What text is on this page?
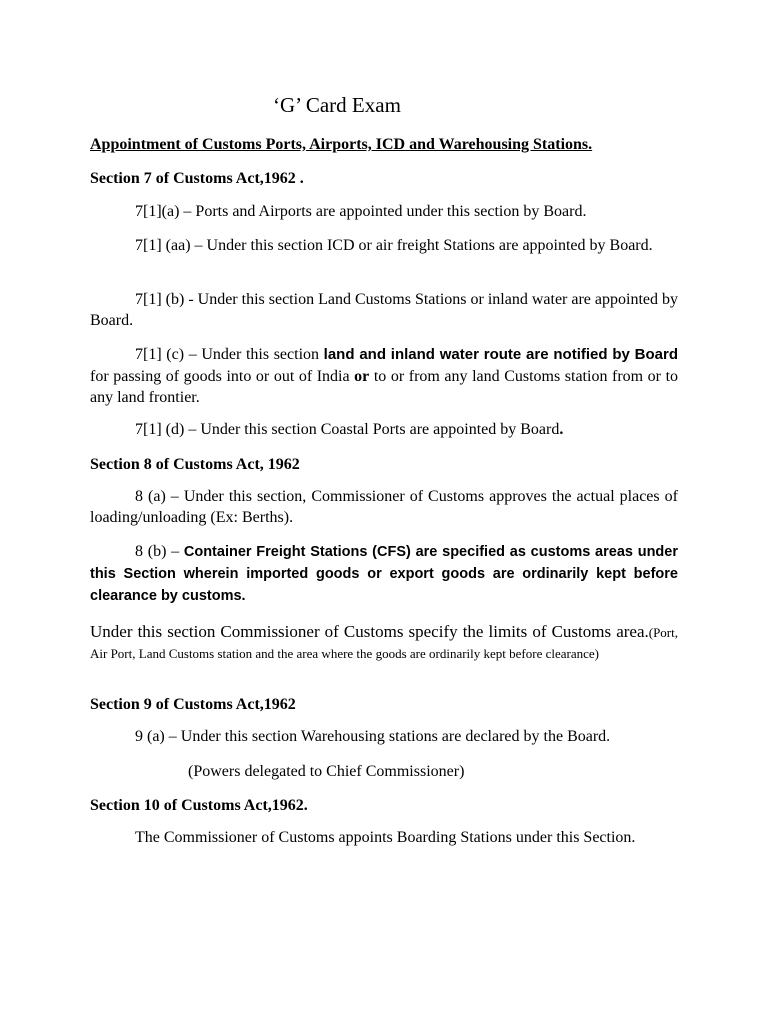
‘G’ Card Exam

Appointment of Customs Ports, Airports, ICD and Warehousing Stations.

Section 7 of Customs Act,1962 .

7[1](a) – Ports and Airports are appointed under this section by Board.

7[1] (aa) – Under this section ICD or air freight Stations are appointed by Board.

7[1] (b) - Under this section Land Customs Stations or inland water are appointed by Board.

7[1] (c) – Under this section land and inland water route are notified by Board for passing of goods into or out of India or to or from any land Customs station from or to any land frontier.

7[1] (d) – Under this section Coastal Ports are appointed by Board.

Section 8 of Customs Act, 1962

8 (a) – Under this section, Commissioner of Customs approves the actual places of loading/unloading (Ex: Berths).

8 (b) – Container Freight Stations (CFS) are specified as customs areas under this Section wherein imported goods or export goods are ordinarily kept before clearance by customs.

Under this section Commissioner of Customs specify the limits of Customs area.(Port, Air Port, Land Customs station and the area where the goods are ordinarily kept before clearance)

Section 9 of Customs Act,1962

9 (a) – Under this section Warehousing stations are declared by the Board.

(Powers delegated to Chief Commissioner)

Section 10 of Customs Act,1962.

The Commissioner of Customs appoints Boarding Stations under this Section.
